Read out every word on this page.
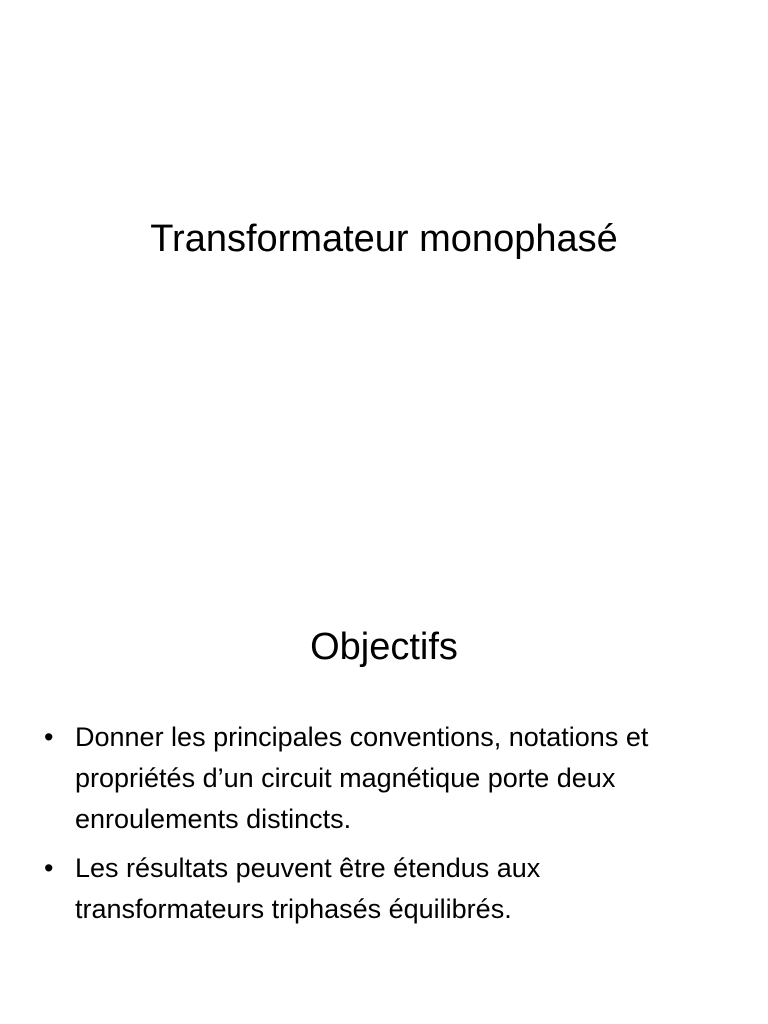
Transformateur monophasé
Objectifs
• Donner les principales conventions, notations et propriétés d’un circuit magnétique porte deux enroulements distincts.
• Les résultats peuvent être étendus aux transformateurs triphasés équilibrés.
